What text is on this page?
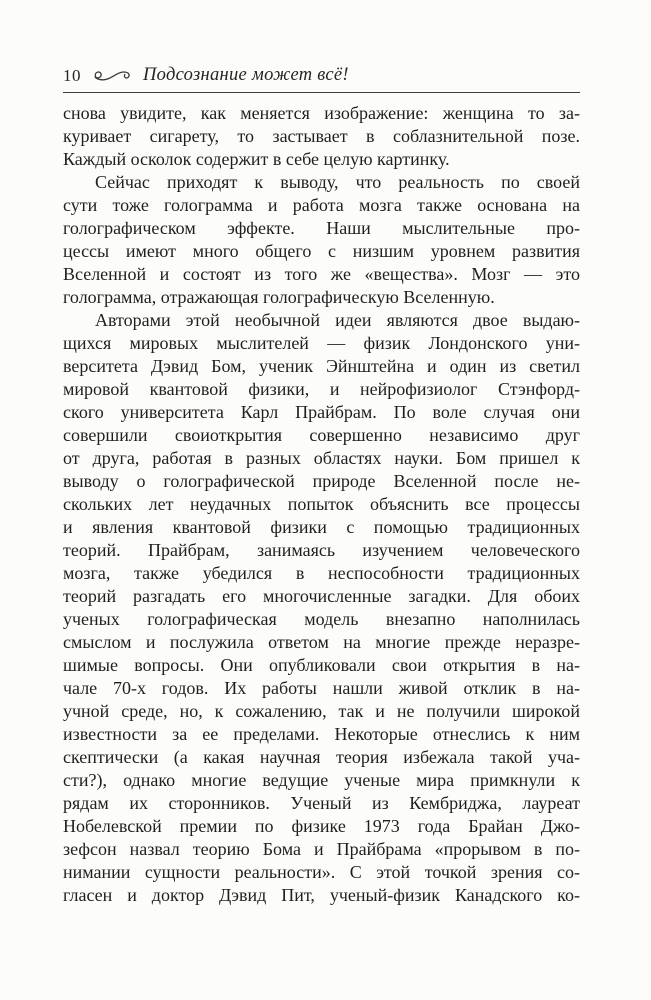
10	Подсознание может всё!
снова увидите, как меняется изображение: женщина то за-
куривает сигарету, то застывает в соблазнительной позе.
Каждый осколок содержит в себе целую картинку.
Сейчас приходят к выводу, что реальность по своей
сути тоже голограмма и работа мозга также основана на
голографическом эффекте. Наши мыслительные про-
цессы имеют много общего с низшим уровнем развития
Вселенной и состоят из того же «вещества». Мозг — это
голограмма, отражающая голографическую Вселенную.
Авторами этой необычной идеи являются двое выдаю-
щихся мировых мыслителей — физик Лондонского уни-
верситета Дэвид Бом, ученик Эйнштейна и один из светил
мировой квантовой физики, и нейрофизиолог Стэнфорд-
ского университета Карл Прайбрам. По воле случая они
совершили своиоткрытия совершенно независимо друг
от друга, работая в разных областях науки. Бом пришел к
выводу о голографической природе Вселенной после не-
скольких лет неудачных попыток объяснить все процессы
и явления квантовой физики с помощью традиционных
теорий. Прайбрам, занимаясь изучением человеческого
мозга, также убедился в неспособности традиционных
теорий разгадать его многочисленные загадки. Для обоих
ученых голографическая модель внезапно наполнилась
смыслом и послужила ответом на многие прежде неразре-
шимые вопросы. Они опубликовали свои открытия в на-
чале 70-х годов. Их работы нашли живой отклик в на-
учной среде, но, к сожалению, так и не получили широкой
известности за ее пределами. Некоторые отнеслись к ним
скептически (а какая научная теория избежала такой уча-
сти?), однако многие ведущие ученые мира примкнули к
рядам их сторонников. Ученый из Кембриджа, лауреат
Нобелевской премии по физике 1973 года Брайан Джо-
зефсон назвал теорию Бома и Прайбрама «прорывом в по-
нимании сущности реальности». С этой точкой зрения со-
гласен и доктор Дэвид Пит, ученый-физик Канадского ко-
